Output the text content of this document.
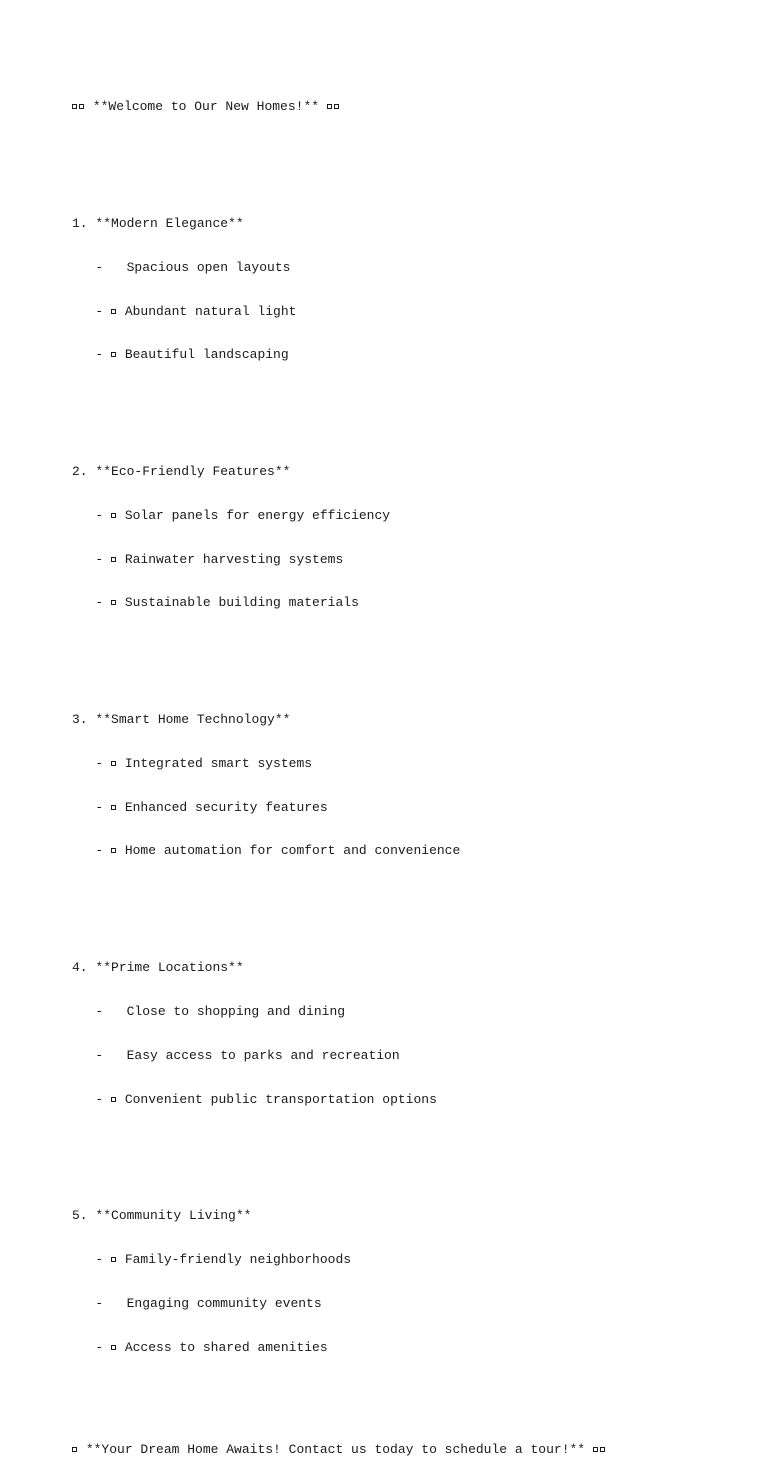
**Welcome to Our New Homes!**

1. **Modern Elegance**

-   Spacious open layouts

-  Abundant natural light

-  Beautiful landscaping

2. **Eco-Friendly Features**

-  Solar panels for energy efficiency

-  Rainwater harvesting systems

-  Sustainable building materials

3. **Smart Home Technology**

-  Integrated smart systems

-  Enhanced security features

-  Home automation for comfort and convenience

4. **Prime Locations**

-   Close to shopping and dining

-   Easy access to parks and recreation

-  Convenient public transportation options

5. **Community Living**

-  Family-friendly neighborhoods

-   Engaging community events

-  Access to shared amenities

**Your Dream Home Awaits! Contact us today to schedule a tour!**
